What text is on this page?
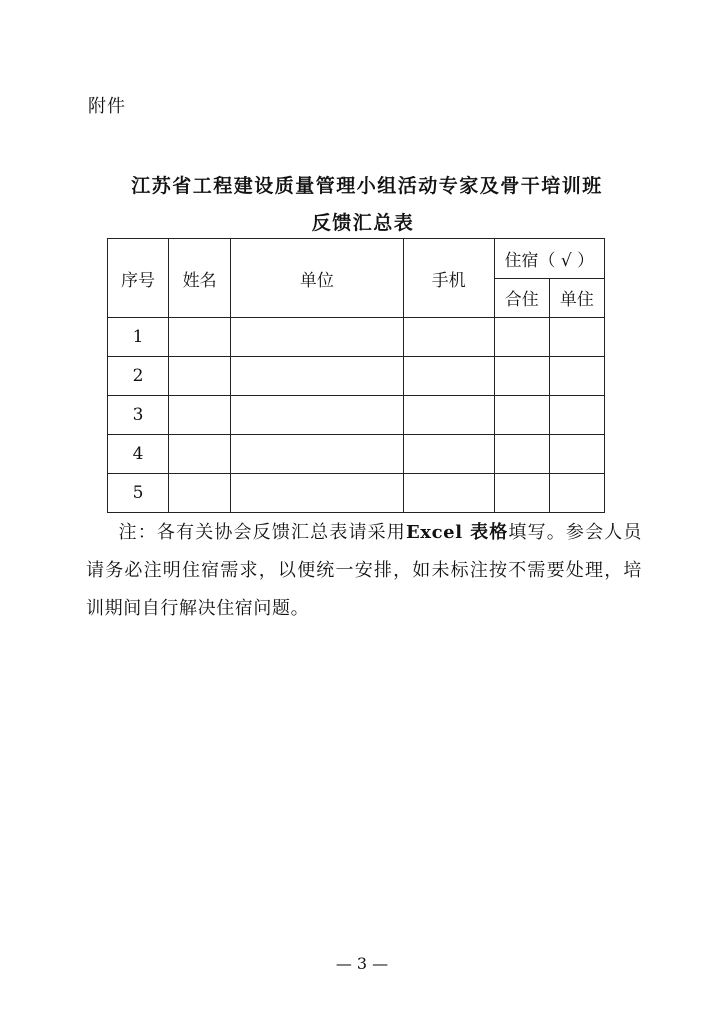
附件
江苏省工程建设质量管理小组活动专家及骨干培训班
反馈汇总表
序号	姓名	单位	手机	住宿（ √ ）	
				合住	单住
1					
2					
3					
4					
5					
注：各有关协会反馈汇总表请采用Excel 表格填写。参会人员请务必注明住宿需求，以便统一安排，如未标注按不需要处理，培训期间自行解决住宿问题。
— 3 —
